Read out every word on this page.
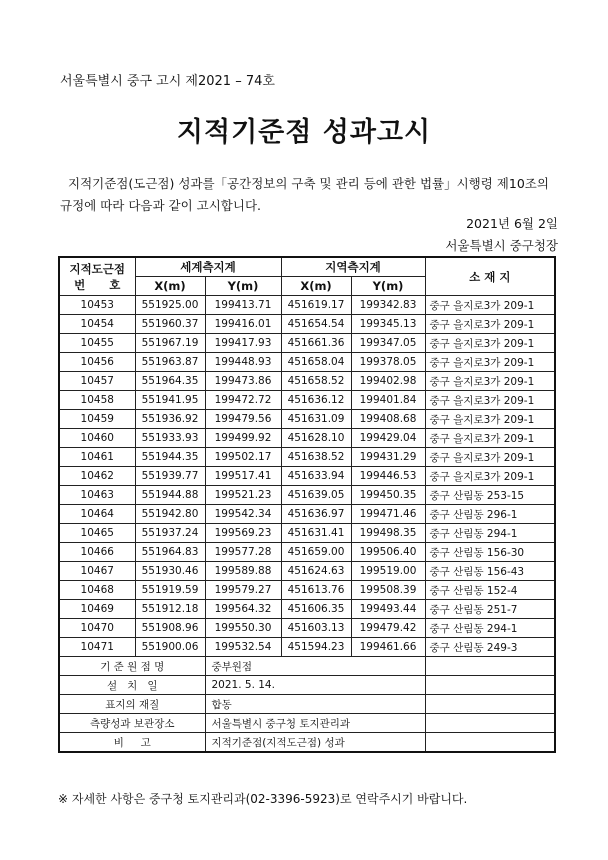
서울특별시 중구 고시 제2021 – 74호
지적기준점 성과고시

지적기준점(도근점) 성과를「공간정보의 구축 및 관리 등에 관한 법률」시행령 제10조의

규정에 따라 다음과 같이 고시합니다.
2021년 6월 2일
서울특별시 중구청장
지적도근점
번      호	세계측지계		지역측지계		소 재 지
	X(m)	Y(m)	X(m)	Y(m)	
10453	551925.00	199413.71	451619.17	199342.83	중구 을지로3가 209-1
10454	551960.37	199416.01	451654.54	199345.13	중구 을지로3가 209-1
10455	551967.19	199417.93	451661.36	199347.05	중구 을지로3가 209-1
10456	551963.87	199448.93	451658.04	199378.05	중구 을지로3가 209-1
10457	551964.35	199473.86	451658.52	199402.98	중구 을지로3가 209-1
10458	551941.95	199472.72	451636.12	199401.84	중구 을지로3가 209-1
10459	551936.92	199479.56	451631.09	199408.68	중구 을지로3가 209-1
10460	551933.93	199499.92	451628.10	199429.04	중구 을지로3가 209-1
10461	551944.35	199502.17	451638.52	199431.29	중구 을지로3가 209-1
10462	551939.77	199517.41	451633.94	199446.53	중구 을지로3가 209-1
10463	551944.88	199521.23	451639.05	199450.35	중구 산림동 253-15
10464	551942.80	199542.34	451636.97	199471.46	중구 산림동 296-1
10465	551937.24	199569.23	451631.41	199498.35	중구 산림동 294-1
10466	551964.83	199577.28	451659.00	199506.40	중구 산림동 156-30
10467	551930.46	199589.88	451624.63	199519.00	중구 산림동 156-43
10468	551919.59	199579.27	451613.76	199508.39	중구 산림동 152-4
10469	551912.18	199564.32	451606.35	199493.44	중구 산림동 251-7
10470	551908.96	199550.30	451603.13	199479.42	중구 산림동 294-1
10471	551900.06	199532.54	451594.23	199461.66	중구 산림동 249-3
기 준 원 점 명		중부원점			
설   치   일		2021. 5. 14.			
표지의 재질		합동			
측량성과 보관장소		서울특별시 중구청 토지관리과			
비     고		지적기준점(지적도근점) 성과			
※ 자세한 사항은 중구청 토지관리과(02-3396-5923)로 연락주시기 바랍니다.
